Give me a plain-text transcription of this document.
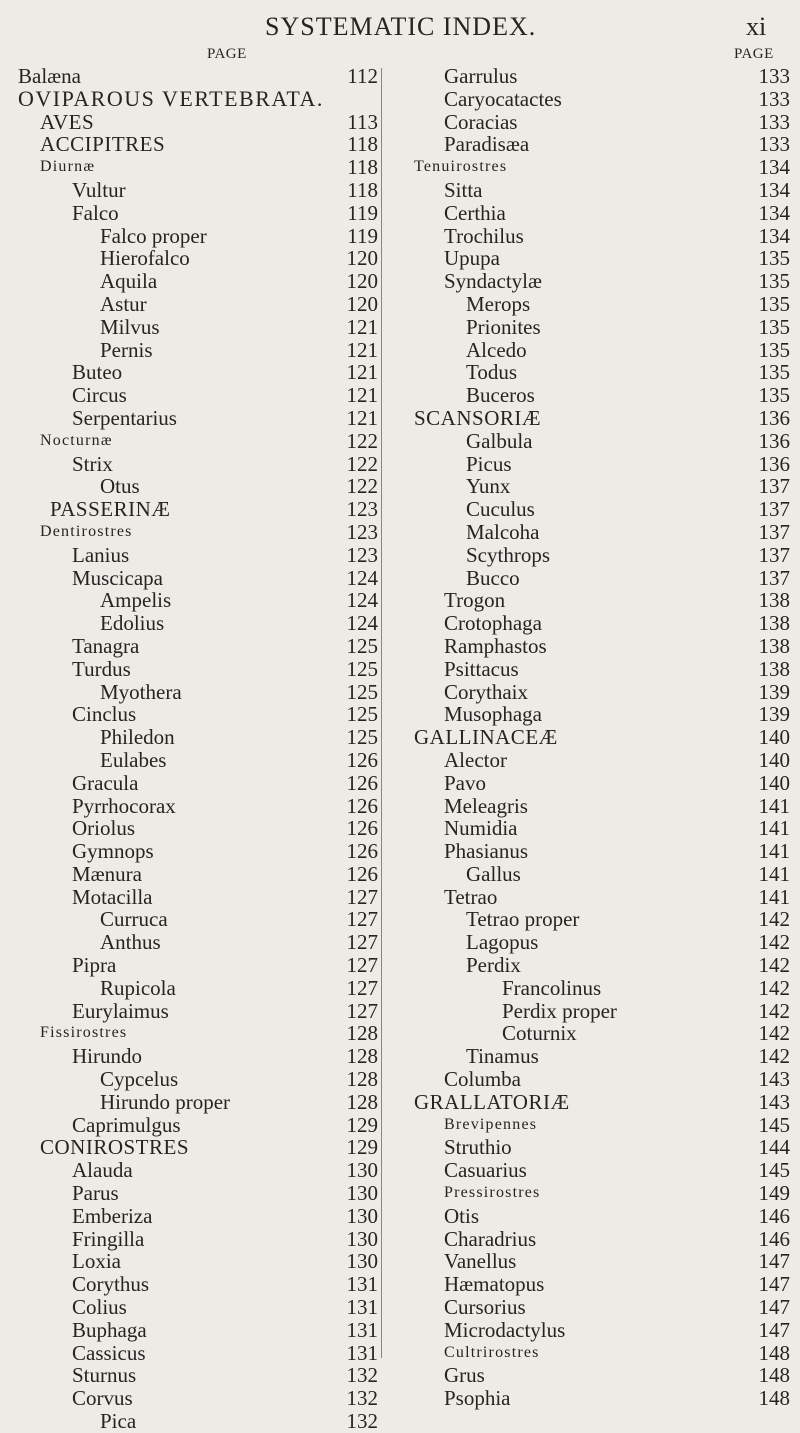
SYSTEMATIC INDEX.	xi
PAGE	PAGE
Balæna	112
OVIPAROUS VERTEBRATA.
AVES	113
ACCIPITRES	118
Diurnæ	118
Vultur	118
Falco	119
Falco proper	119
Hierofalco	120
Aquila	120
Astur	120
Milvus	121
Pernis	121
Buteo	121
Circus	121
Serpentarius	121
Nocturnæ	122
Strix	122
Otus	122
PASSERINÆ	123
Dentirostres	123
Lanius	123
Muscicapa	124
Ampelis	124
Edolius	124
Tanagra	125
Turdus	125
Myothera	125
Cinclus	125
Philedon	125
Eulabes	126
Gracula	126
Pyrrhocorax	126
Oriolus	126
Gymnops	126
Mænura	126
Motacilla	127
Curruca	127
Anthus	127
Pipra	127
Rupicola	127
Eurylaimus	127
Fissirostres	128
Hirundo	128
Cypcelus	128
Hirundo proper	128
Caprimulgus	129
CONIROSTRES	129
Alauda	130
Parus	130
Emberiza	130
Fringilla	130
Loxia	130
Corythus	131
Colius	131
Buphaga	131
Cassicus	131
Sturnus	132
Corvus	132
Pica	132
Garrulus	133
Caryocatactes	133
Coracias	133
Paradisæa	133
Tenuirostres	134
Sitta	134
Certhia	134
Trochilus	134
Upupa	135
Syndactylæ	135
Merops	135
Prionites	135
Alcedo	135
Todus	135
Buceros	135
SCANSORIÆ	136
Galbula	136
Picus	136
Yunx	137
Cuculus	137
Malcoha	137
Scythrops	137
Bucco	137
Trogon	138
Crotophaga	138
Ramphastos	138
Psittacus	138
Corythaix	139
Musophaga	139
GALLINACEÆ	140
Alector	140
Pavo	140
Meleagris	141
Numidia	141
Phasianus	141
Gallus	141
Tetrao	141
Tetrao proper	142
Lagopus	142
Perdix	142
Francolinus	142
Perdix proper	142
Coturnix	142
Tinamus	142
Columba	143
GRALLATORIÆ	143
Brevipennes	145
Struthio	144
Casuarius	145
Pressirostres	149
Otis	146
Charadrius	146
Vanellus	147
Hæmatopus	147
Cursorius	147
Microdactylus	147
Cultrirostres	148
Grus	148
Psophia	148
